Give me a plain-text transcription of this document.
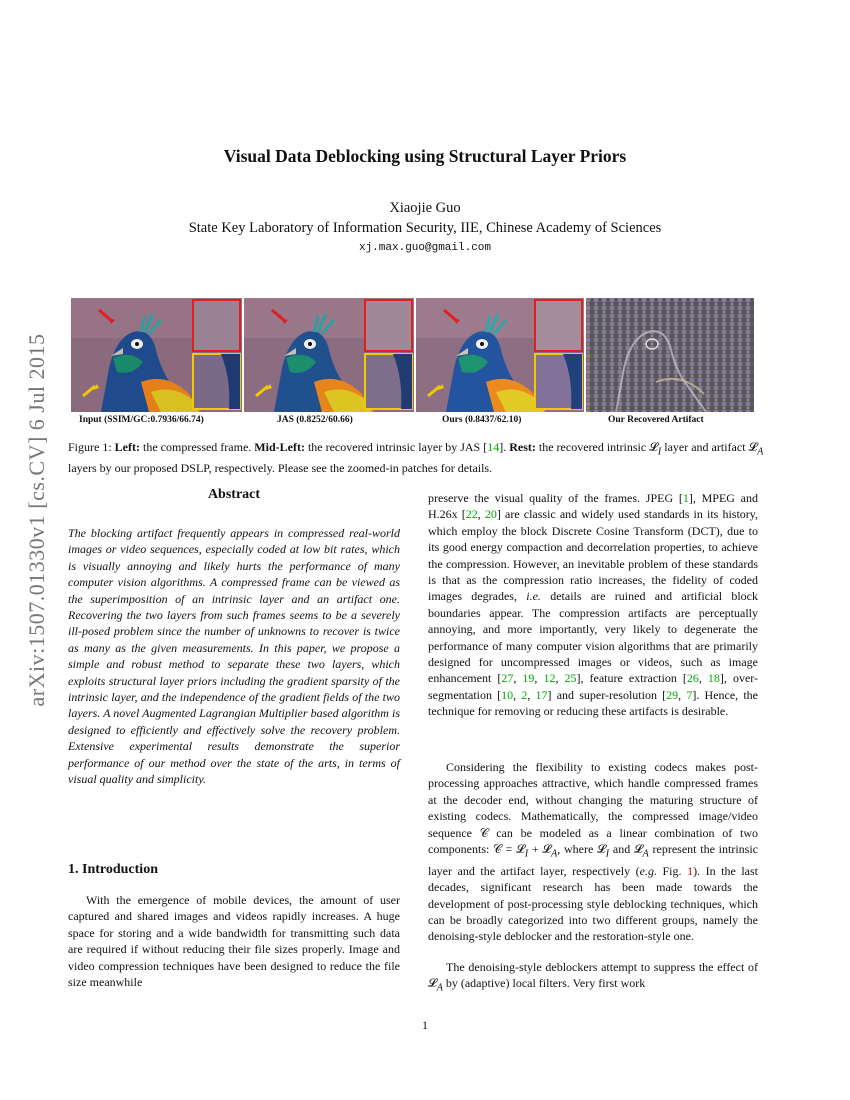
arXiv:1507.01330v1 [cs.CV] 6 Jul 2015
Visual Data Deblocking using Structural Layer Priors
Xiaojie Guo
State Key Laboratory of Information Security, IIE, Chinese Academy of Sciences
xj.max.guo@gmail.com
Input (SSIM/GC:0.7936/66.74)	JAS (0.8252/60.66)	Ours (0.8437/62.10)	Our Recovered Artifact
Figure 1: Left: the compressed frame. Mid-Left: the recovered intrinsic layer by JAS [14]. Rest: the recovered intrinsic 𝓛$_I$ layer and artifact 𝓛$_A$ layers by our proposed DSLP, respectively. Please see the zoomed-in patches for details.
Abstract
The blocking artifact frequently appears in compressed real-world images or video sequences, especially coded at low bit rates, which is visually annoying and likely hurts the performance of many computer vision algorithms. A compressed frame can be viewed as the superimposition of an intrinsic layer and an artifact one. Recovering the two layers from such frames seems to be a severely ill-posed problem since the number of unknowns to recover is twice as many as the given measurements. In this paper, we propose a simple and robust method to separate these two layers, which exploits structural layer priors including the gradient sparsity of the intrinsic layer, and the independence of the gradient fields of the two layers. A novel Augmented Lagrangian Multiplier based algorithm is designed to efficiently and effectively solve the recovery problem. Extensive experimental results demonstrate the superior performance of our method over the state of the arts, in terms of visual quality and simplicity.
1. Introduction
With the emergence of mobile devices, the amount of user captured and shared images and videos rapidly increases. A huge space for storing and a wide bandwidth for transmitting such data are required if without reducing their file sizes properly. Image and video compression techniques have been designed to reduce the file size meanwhile
preserve the visual quality of the frames. JPEG [1], MPEG and H.26x [22, 20] are classic and widely used standards in its history, which employ the block Discrete Cosine Transform (DCT), due to its good energy compaction and decorrelation properties, to achieve the compression. However, an inevitable problem of these standards is that as the compression ratio increases, the fidelity of coded images degrades, i.e. details are ruined and artificial block boundaries appear. The compression artifacts are perceptually annoying, and more importantly, very likely to degenerate the performance of many computer vision algorithms that are primarily designed for uncompressed images or videos, such as image enhancement [27, 19, 12, 25], feature extraction [26, 18], over-segmentation [10, 2, 17] and super-resolution [29, 7]. Hence, the technique for removing or reducing these artifacts is desirable.
Considering the flexibility to existing codecs makes post-processing approaches attractive, which handle compressed frames at the decoder end, without changing the maturing structure of existing codecs. Mathematically, the compressed image/video sequence 𝒞 can be modeled as a linear combination of two components: 𝒞 = 𝓛$_I$ + 𝓛$_A$, where 𝓛$_I$ and 𝓛$_A$ represent the intrinsic layer and the artifact layer, respectively (e.g. Fig. 1). In the last decades, significant research has been made towards the development of post-processing style deblocking techniques, which can be broadly categorized into two different groups, namely the denoising-style deblocker and the restoration-style one.
The denoising-style deblockers attempt to suppress the effect of 𝓛$_A$ by (adaptive) local filters. Very first work
1
